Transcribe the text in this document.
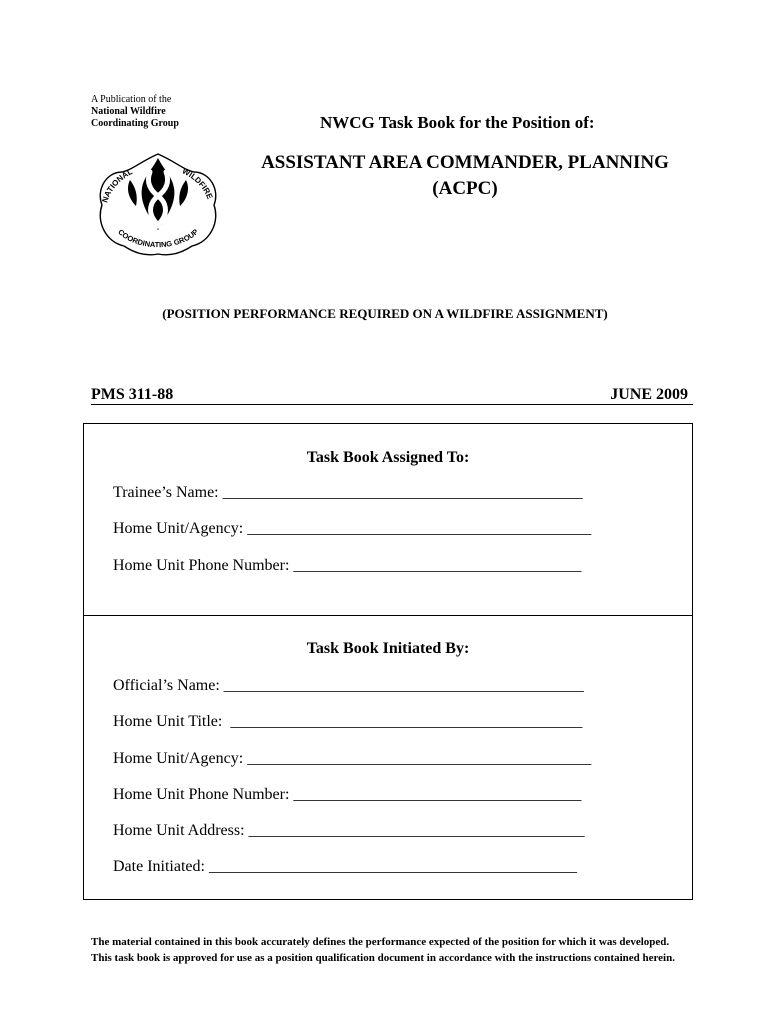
A Publication of the
National Wildfire
Coordinating Group	NWCG Task Book for the Position of:
NATIONAL	WILDFIRE
COORDINATING GROUP
ASSISTANT AREA COMMANDER, PLANNING
(ACPC)
(POSITION PERFORMANCE REQUIRED ON A WILDFIRE ASSIGNMENT)
PMS 311-88	JUNE 2009
Task Book Assigned To:
Trainee’s Name: _____________________________________________
Home Unit/Agency: ___________________________________________
Home Unit Phone Number: ____________________________________
Task Book Initiated By:
Official’s Name: _____________________________________________
Home Unit Title:  ____________________________________________
Home Unit/Agency: ___________________________________________
Home Unit Phone Number: ____________________________________
Home Unit Address: __________________________________________
Date Initiated: ______________________________________________
The material contained in this book accurately defines the performance expected of the position for which it was developed. This task book is approved for use as a position qualification document in accordance with the instructions contained herein.
